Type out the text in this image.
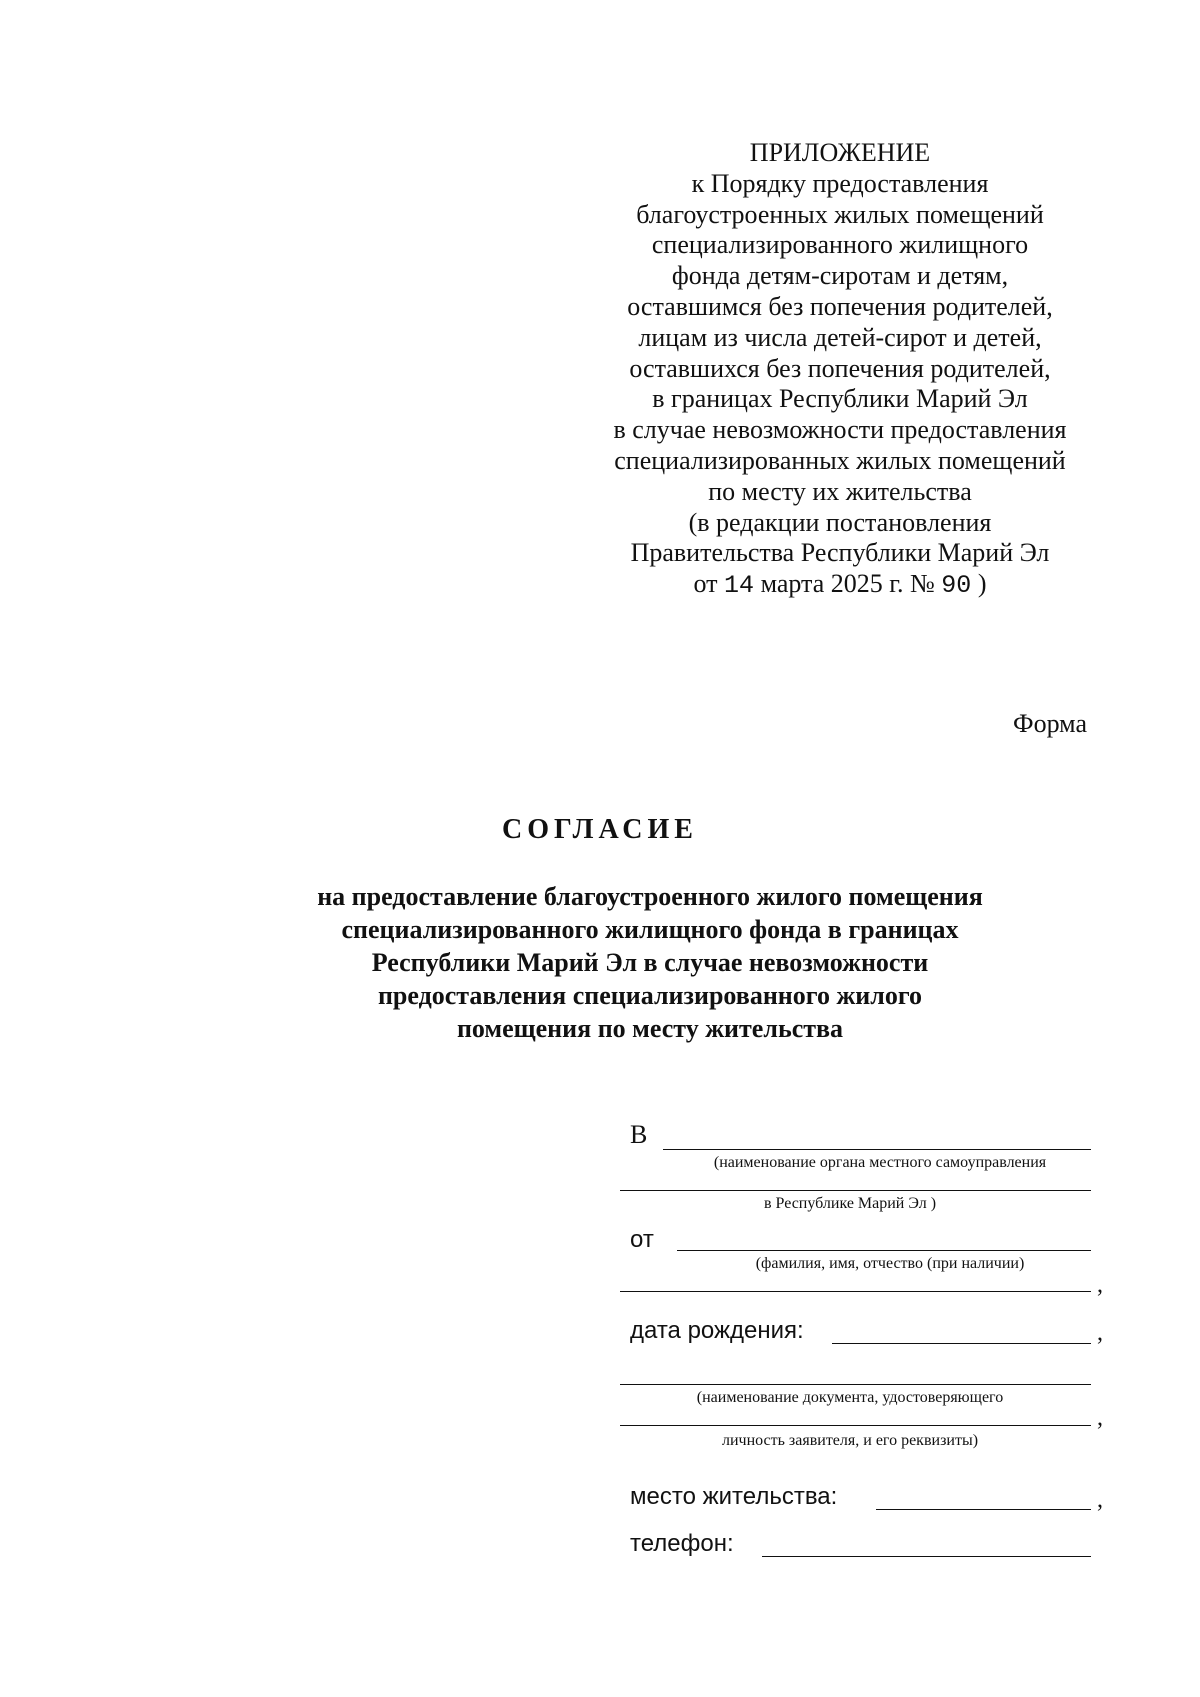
ПРИЛОЖЕНИЕ
к Порядку предоставления
благоустроенных жилых помещений
специализированного жилищного
фонда детям-сиротам и детям,
оставшимся без попечения родителей,
лицам из числа детей-сирот и детей,
оставшихся без попечения родителей,
в границах Республики Марий Эл
в случае невозможности предоставления
специализированных жилых помещений
по месту их жительства
(в редакции постановления
Правительства Республики Марий Эл
от 14 марта 2025 г. № 90 )
Форма
СОГЛАСИЕ
на предоставление благоустроенного жилого помещения
специализированного жилищного фонда в границах
Республики Марий Эл в случае невозможности
предоставления специализированного жилого
помещения по месту жительства
В
(наименование органа местного самоуправления
в Республике Марий Эл )
от
(фамилия, имя, отчество (при наличии)
,
дата рождения:	,
(наименование документа, удостоверяющего
,
личность заявителя, и его реквизиты)
место жительства:	,
телефон:
